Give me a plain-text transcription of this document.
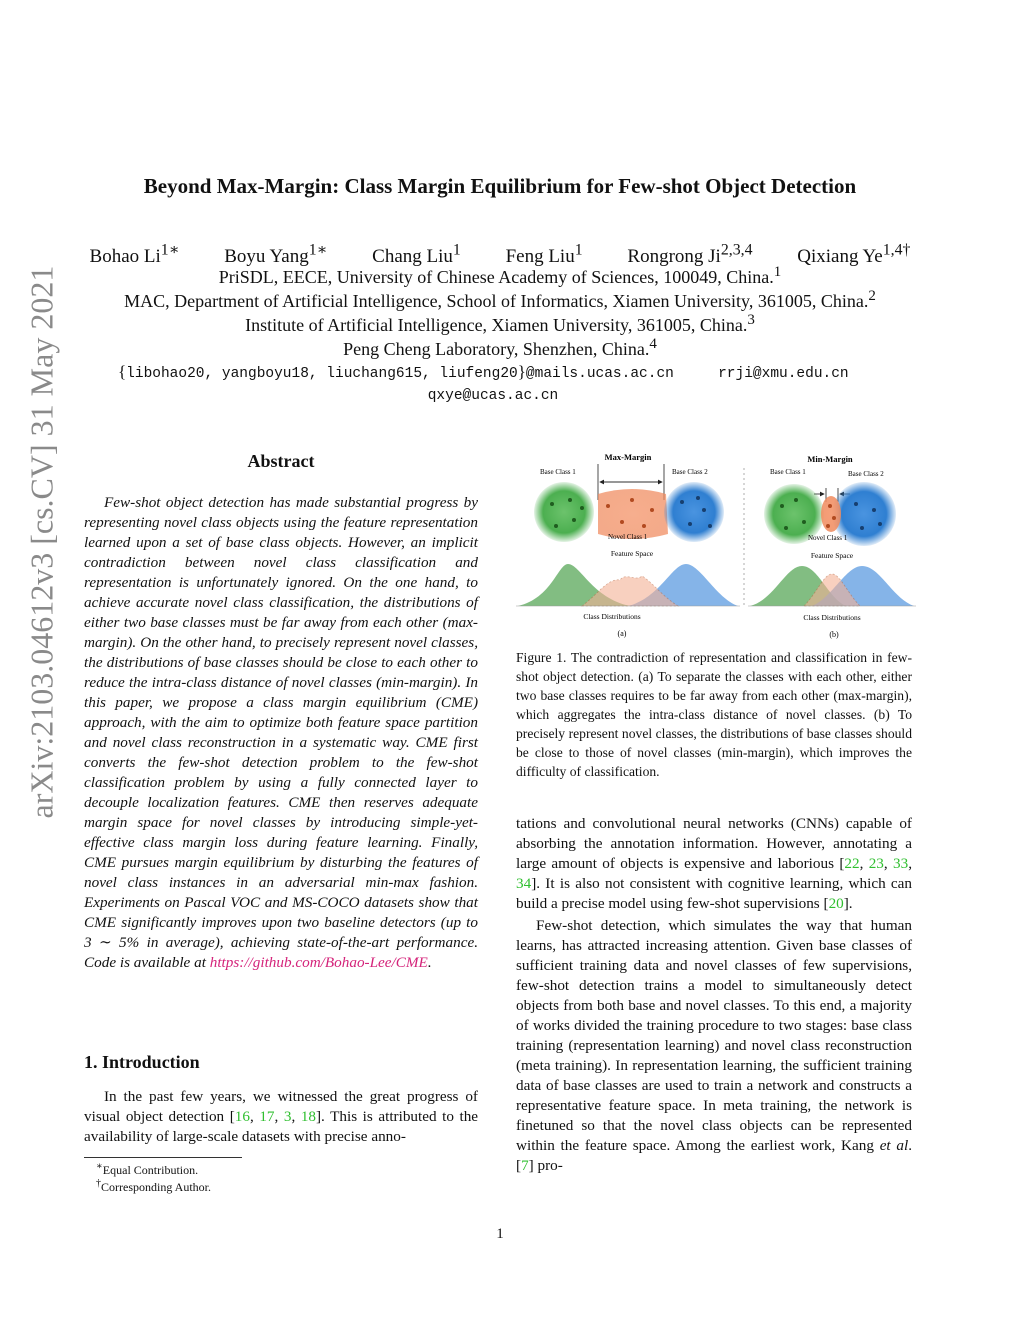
arXiv:2103.04612v3 [cs.CV] 31 May 2021
Beyond Max-Margin: Class Margin Equilibrium for Few-shot Object Detection
Bohao $Li^{1∗}$ Boyu Yang$^{1∗}$ Chang Liu$^1$ Feng Liu$^1$ Rongrong Ji$^{2,3,4}$ Qixiang $Ye^{1,4\dagger}$
PriSDL, EECE, University of Chinese Academy of Sciences, 100049, China.$^1$
MAC, Department of Artificial Intelligence, School of Informatics, Xiamen University, 361005, China.$^2$
Institute of Artificial Intelligence, Xiamen University, 361005, China.$^3$
Peng Cheng Laboratory, Shenzhen, China.$^4$
{libohao20, yangboyu18, liuchang615, liufeng20}@mails.ucas.ac.cn	rrji@xmu.edu.cn
qxye@ucas.ac.cn
Abstract

Few-shot object detection has made substantial progress by representing novel class objects using the feature representation learned upon a set of base class objects. However, an implicit contradiction between novel class classification and representation is unfortunately ignored. On the one hand, to achieve accurate novel class classification, the distributions of either two base classes must be far away from each other (max-margin). On the other hand, to precisely represent novel classes, the distributions of base classes should be close to each other to reduce the intra-class distance of novel classes (min-margin). In this paper, we propose a class margin equilibrium (CME) approach, with the aim to optimize both feature space partition and novel class reconstruction in a systematic way. CME first converts the few-shot detection problem to the few-shot classification problem by using a fully connected layer to decouple localization features. CME then reserves adequate margin space for novel classes by introducing simple-yet-effective class margin loss during feature learning. Finally, CME pursues margin equilibrium by disturbing the features of novel class instances in an adversarial min-max fashion. Experiments on Pascal VOC and MS-COCO datasets show that CME significantly improves upon two baseline detectors (up to 3 ∼ 5% in average), achieving state-of-the-art performance. Code is available at https://github.com/Bohao-Lee/CME.

1. Introduction

In the past few years, we witnessed the great progress of visual object detection [16, 17, 3, 18]. This is attributed to the availability of large-scale datasets with precise anno-

∗Equal Contribution.
†Corresponding Author.
Max-Margin
Base Class 1	Base Class 2
Novel Class 1
Feature Space
Class Distributions
(a)
Min-Margin
Base Class 1	Base Class 2
Novel Class 1
Feature Space
Class Distributions
(b)

Figure 1. The contradiction of representation and classification in few-shot object detection. (a) To separate the classes with each other, either two base classes requires to be far away from each other (max-margin), which aggregates the intra-class distance of novel classes. (b) To precisely represent novel classes, the distributions of base classes should be close to those of novel classes (min-margin), which improves the difficulty of classification.

tations and convolutional neural networks (CNNs) capable of absorbing the annotation information. However, annotating a large amount of objects is expensive and laborious [22, 23, 33, 34]. It is also not consistent with cognitive learning, which can build a precise model using few-shot supervisions [20].

Few-shot detection, which simulates the way that human learns, has attracted increasing attention. Given base classes of sufficient training data and novel classes of few supervisions, few-shot detection trains a model to simultaneously detect objects from both base and novel classes. To this end, a majority of works divided the training procedure to two stages: base class training (representation learning) and novel class reconstruction (meta training). In representation learning, the sufficient training data of base classes are used to train a network and constructs a representative feature space. In meta training, the network is finetuned so that the novel class objects can be represented within the feature space. Among the earliest work, Kang et al. [7] pro-

1
